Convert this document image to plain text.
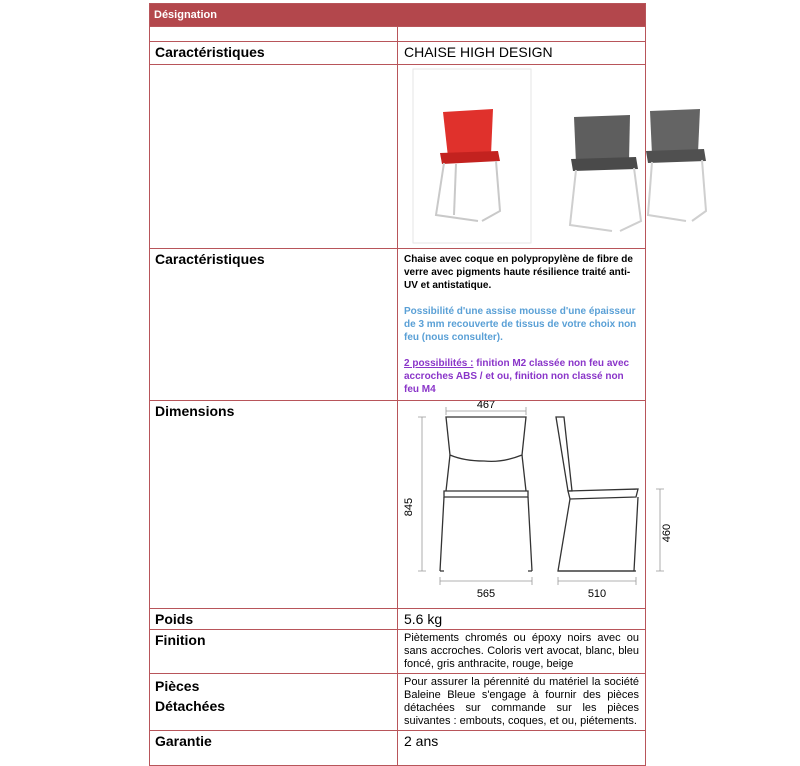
Désignation	

Caractéristiques	CHAISE HIGH DESIGN

Caractéristiques	Chaise avec coque en polypropylène de fibre de verre avec pigments haute résilience traité anti-UV et antistatique.
Possibilité d'une assise mousse d'une épaisseur de 3 mm recouverte de tissus de votre choix non feu (nous consulter).
2 possibilités : finition M2 classée non feu avec accroches ABS / et ou, finition non classé non feu M4

Dimensions	467
845
460
565 510

Poids	5.6 kg
Finition	Piètements chromés ou époxy noirs avec ou sans accroches. Coloris vert avocat, blanc, bleu foncé, gris anthracite, rouge, beige

Pièces
Détachées	Pour assurer la pérennité du matériel la société Baleine Bleue s'engage à fournir des pièces détachées sur commande sur les pièces suivantes : embouts, coques, et ou, piétements.
Garantie	2 ans
